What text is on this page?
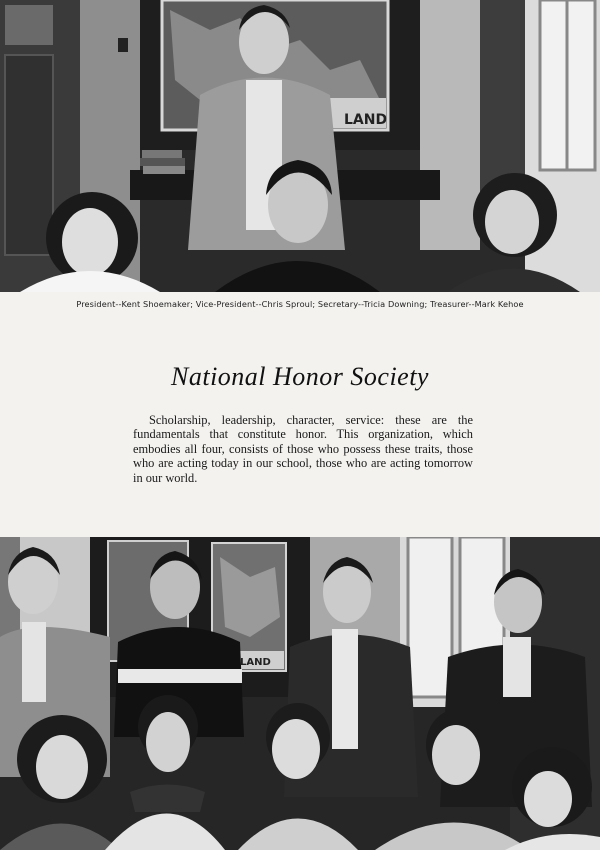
LAND
President--Kent Shoemaker; Vice-President--Chris Sproul; Secretary--Tricia Downing; Treasurer--Mark Kehoe
National Honor Society
Scholarship, leadership, character, service: these are the fundamentals that constitute honor. This organization, which embodies all four, consists of those who possess these traits, those who are acting today in our school, those who are acting tomorrow in our world.
LAND
